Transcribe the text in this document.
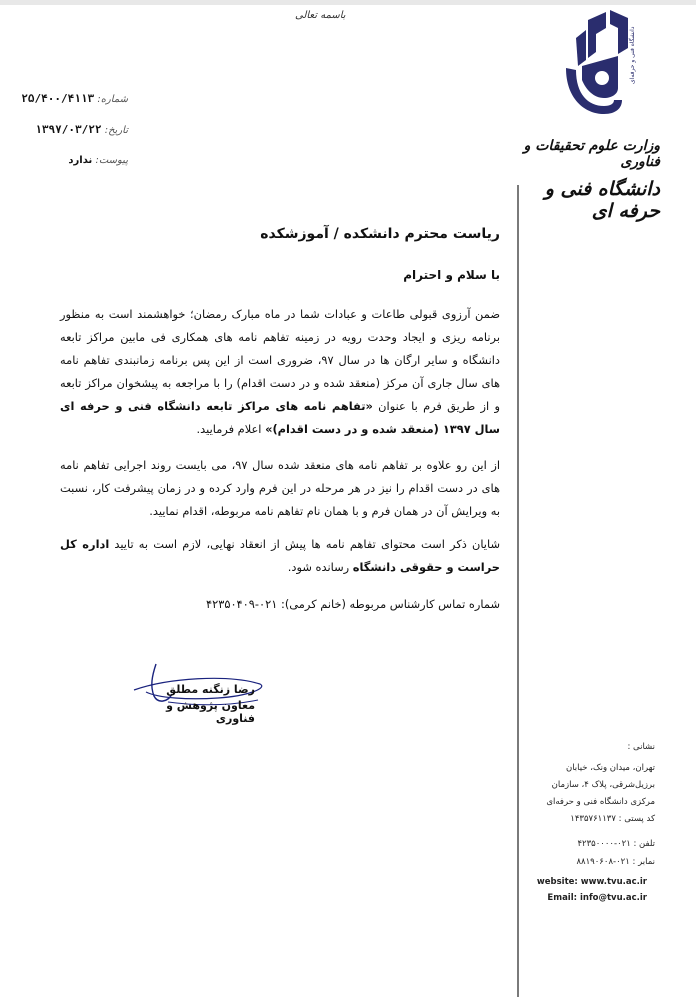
باسمه تعالی
شماره: ۲۵/۴۰۰/۴۱۱۳
تاریخ: ۱۳۹۷/۰۳/۲۲
پیوست: ندارد
دانشگاه فنی و حرفه‌ای
وزارت علوم تحقیقات و فناوری
دانشگاه فنی و حرفه ای
ریاست محترم دانشکده / آموزشکده
با سلام و احترام
ضمن آرزوی قبولی طاعات و عبادات شما در ماه مبارک رمضان؛ خواهشمند است به منظور برنامه ریزی و ایجاد وحدت رویه در زمینه تفاهم نامه های همکاری فی مابین مراکز تابعه دانشگاه و سایر ارگان ها در سال ۹۷، ضروری است از این پس برنامه زمانبندی تفاهم نامه های سال جاری آن مرکز (منعقد شده و در دست اقدام) را با مراجعه به پیشخوان مراکز تابعه و از طریق فرم با عنوان «تفاهم نامه های مراکز تابعه دانشگاه فنی و حرفه ای سال ۱۳۹۷ (منعقد شده و در دست اقدام)» اعلام فرمایید.
از این رو علاوه بر تفاهم نامه های منعقد شده سال ۹۷، می بایست روند اجرایی تفاهم نامه های در دست اقدام را نیز در هر مرحله در این فرم وارد کرده و در زمان پیشرفت کار، نسبت به ویرایش آن در همان فرم و با همان نام تفاهم نامه مربوطه، اقدام نمایید.
شایان ذکر است محتوای تفاهم نامه ها پیش از انعقاد نهایی، لازم است به تایید اداره کل حراست و حقوقی دانشگاه رسانده شود.
شماره تماس کارشناس مربوطه (خانم کرمی): ۰۲۱-۴۲۳۵۰۴۰۹
رضا زنگنه مطلق
معاون پژوهش و فناوری
نشانی :
تهران، میدان ونک، خیابان
برزیل‌شرقی، پلاک ۴، سازمان
مرکزی دانشگاه فنی و حرفه‌ای
کد پستی : ۱۴۳۵۷۶۱۱۳۷
تلفن : ۰۲۱-۴۲۳۵۰۰۰۰
نمابر : ۰۲۱-۸۸۱۹۰۶۰۸
website: www.tvu.ac.ir
Email: info@tvu.ac.ir
